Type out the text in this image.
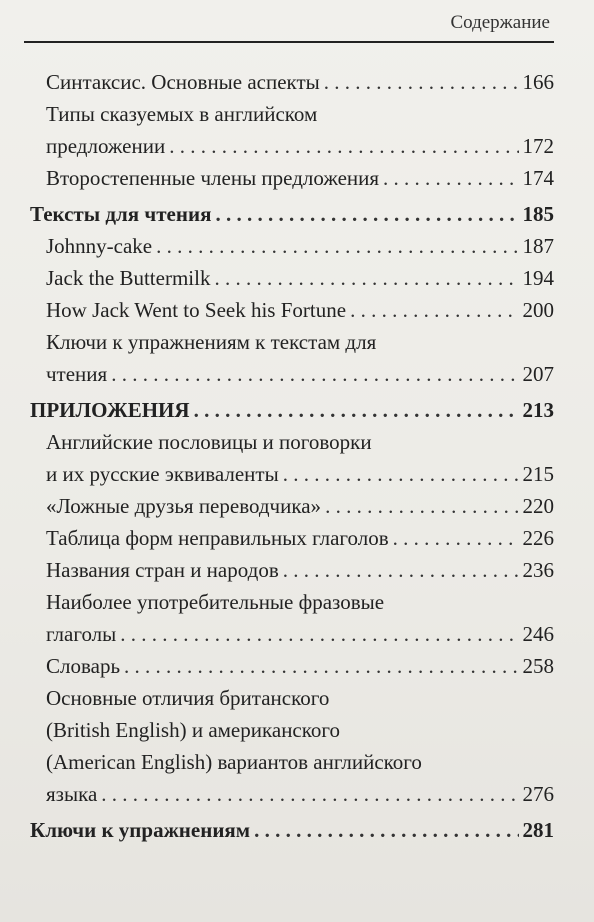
Содержание
Синтаксис. Основные аспекты . . .	166
Типы сказуемых в английском
предложении . . .	172
Второстепенные члены предложения . . .	174
Тексты для чтения . . .	185
Johnny-cake . . .	187
Jack the Buttermilk . . .	194
How Jack Went to Seek his Fortune . . .	200
Ключи к упражнениям к текстам для
чтения . . .	207
ПРИЛОЖЕНИЯ . . .	213
Английские пословицы и поговорки
и их русские эквиваленты . . .	215
«Ложные друзья переводчика» . . .	220
Таблица форм неправильных глаголов . . .	226
Названия стран и народов . . .	236
Наиболее употребительные фразовые
глаголы . . .	246
Словарь . . .	258
Основные отличия британского
(British English) и американского
(American English) вариантов английского
языка . . .	276
Ключи к упражнениям . . .	281
